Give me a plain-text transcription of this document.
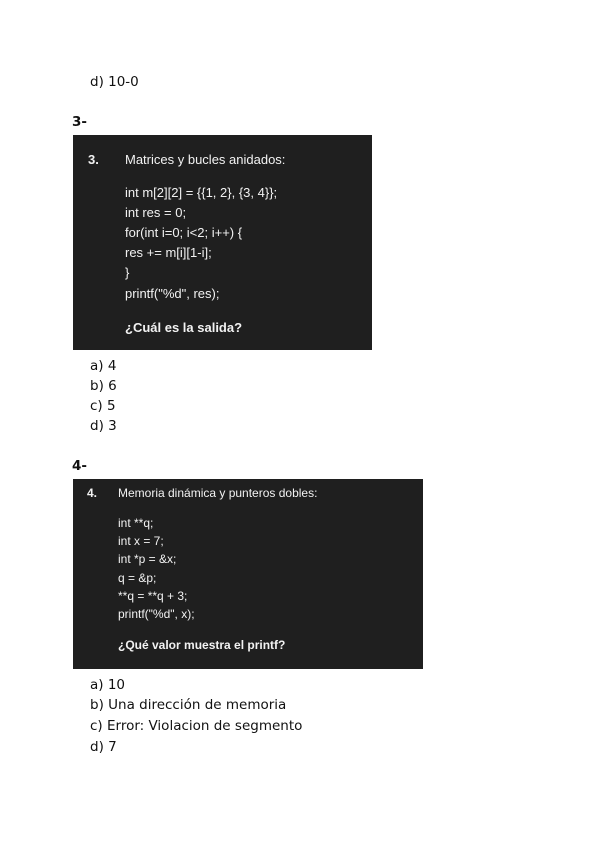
d) 10-0
3-
3. Matrices y bucles anidados:
int m[2][2] = {{1, 2}, {3, 4}};
int res = 0;
for(int i=0; i<2; i++) {
res += m[i][1-i];
}
printf("%d", res);
¿Cuál es la salida?
a) 4
b) 6
c) 5
d) 3
4-
4. Memoria dinámica y punteros dobles:
int **q;
int x = 7;
int *p = &x;
q = &p;
**q = **q + 3;
printf("%d", x);
¿Qué valor muestra el printf?
a) 10
b) Una dirección de memoria
c) Error: Violacion de segmento
d) 7
